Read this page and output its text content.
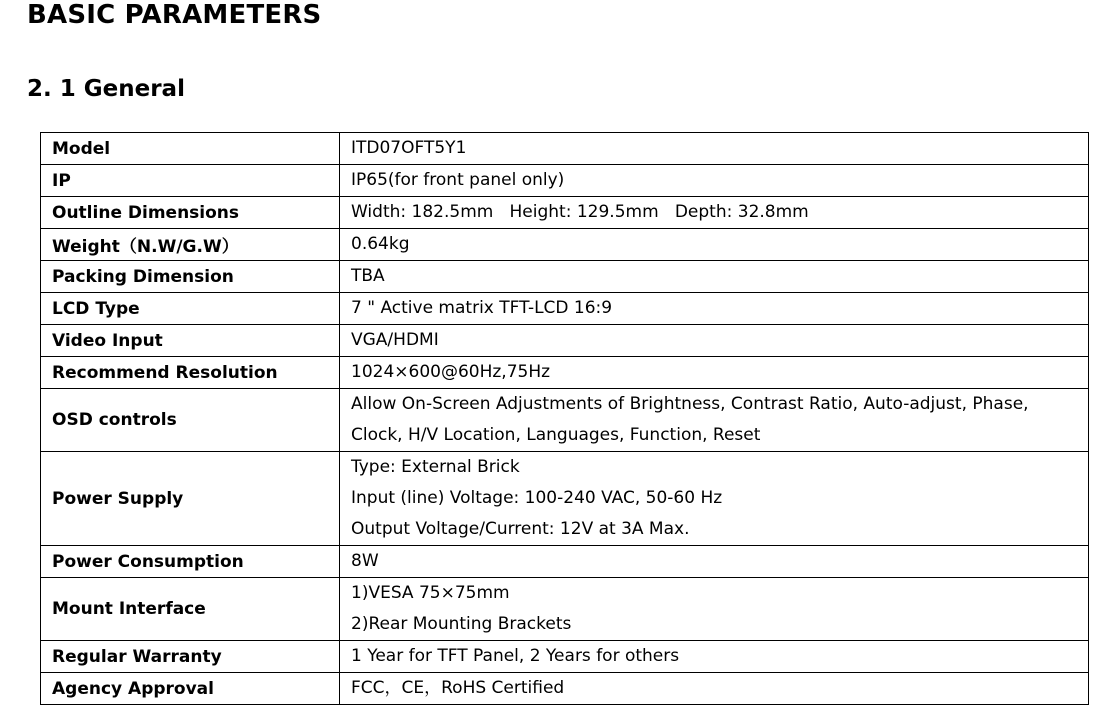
BASIC PARAMETERS
2. 1 General
Model	ITD07OFT5Y1

IP	IP65(for front panel only)

Outline Dimensions	Width: 182.5mm   Height: 129.5mm   Depth: 32.8mm

Weight（N.W/G.W）	0.64kg

Packing Dimension	TBA

LCD Type	7 " Active matrix TFT-LCD 16:9

Video Input	VGA/HDMI

Recommend Resolution	1024×600@60Hz,75Hz

OSD controls	Allow On-Screen Adjustments of Brightness, Contrast Ratio, Auto-adjust, Phase,
Clock, H/V Location, Languages, Function, Reset

Power Supply	Type: External Brick
Input (line) Voltage: 100-240 VAC, 50-60 Hz
Output Voltage/Current: 12V at 3A Max.

Power Consumption	8W

Mount Interface	1)VESA 75×75mm
2)Rear Mounting Brackets

Regular Warranty	1 Year for TFT Panel, 2 Years for others

Agency Approval	FCC，CE，RoHS Certified
